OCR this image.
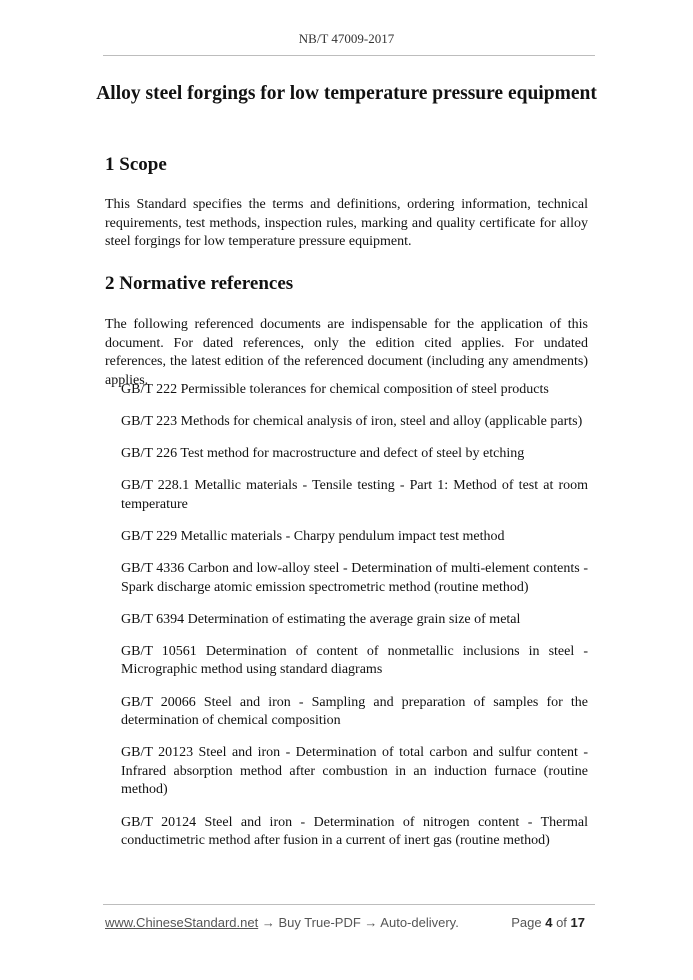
NB/T 47009-2017
Alloy steel forgings for low temperature pressure equipment
1 Scope
This Standard specifies the terms and definitions, ordering information, technical requirements, test methods, inspection rules, marking and quality certificate for alloy steel forgings for low temperature pressure equipment.
2 Normative references
The following referenced documents are indispensable for the application of this document. For dated references, only the edition cited applies. For undated references, the latest edition of the referenced document (including any amendments) applies.
GB/T 222 Permissible tolerances for chemical composition of steel products
GB/T 223 Methods for chemical analysis of iron, steel and alloy (applicable parts)
GB/T 226 Test method for macrostructure and defect of steel by etching
GB/T 228.1 Metallic materials - Tensile testing - Part 1: Method of test at room temperature
GB/T 229 Metallic materials - Charpy pendulum impact test method
GB/T 4336 Carbon and low-alloy steel - Determination of multi-element contents - Spark discharge atomic emission spectrometric method (routine method)
GB/T 6394 Determination of estimating the average grain size of metal
GB/T 10561 Determination of content of nonmetallic inclusions in steel - Micrographic method using standard diagrams
GB/T 20066 Steel and iron - Sampling and preparation of samples for the determination of chemical composition
GB/T 20123 Steel and iron - Determination of total carbon and sulfur content - Infrared absorption method after combustion in an induction furnace (routine method)
GB/T 20124 Steel and iron - Determination of nitrogen content - Thermal conductimetric method after fusion in a current of inert gas (routine method)
www.ChineseStandard.net → Buy True-PDF → Auto-delivery.	Page 4 of 17
